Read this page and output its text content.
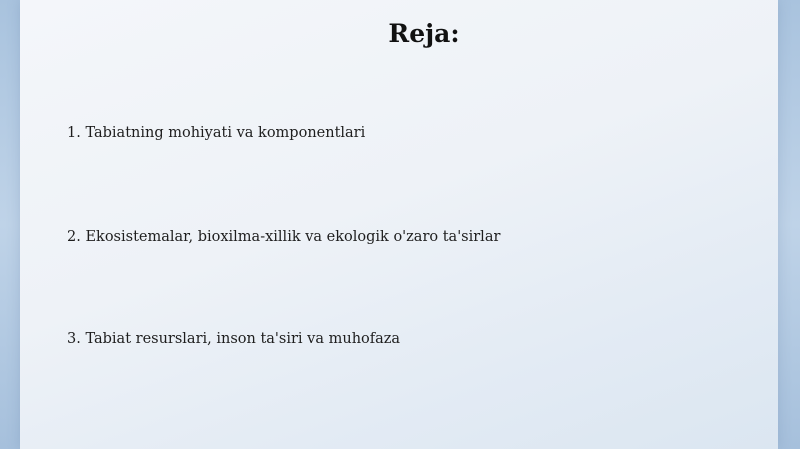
Reja:

1. Tabiatning mohiyati va komponentlari

2. Ekosistemalar, bioxilma-xillik va ekologik o'zaro ta'sirlar

3. Tabiat resurslari, inson ta'siri va muhofaza
